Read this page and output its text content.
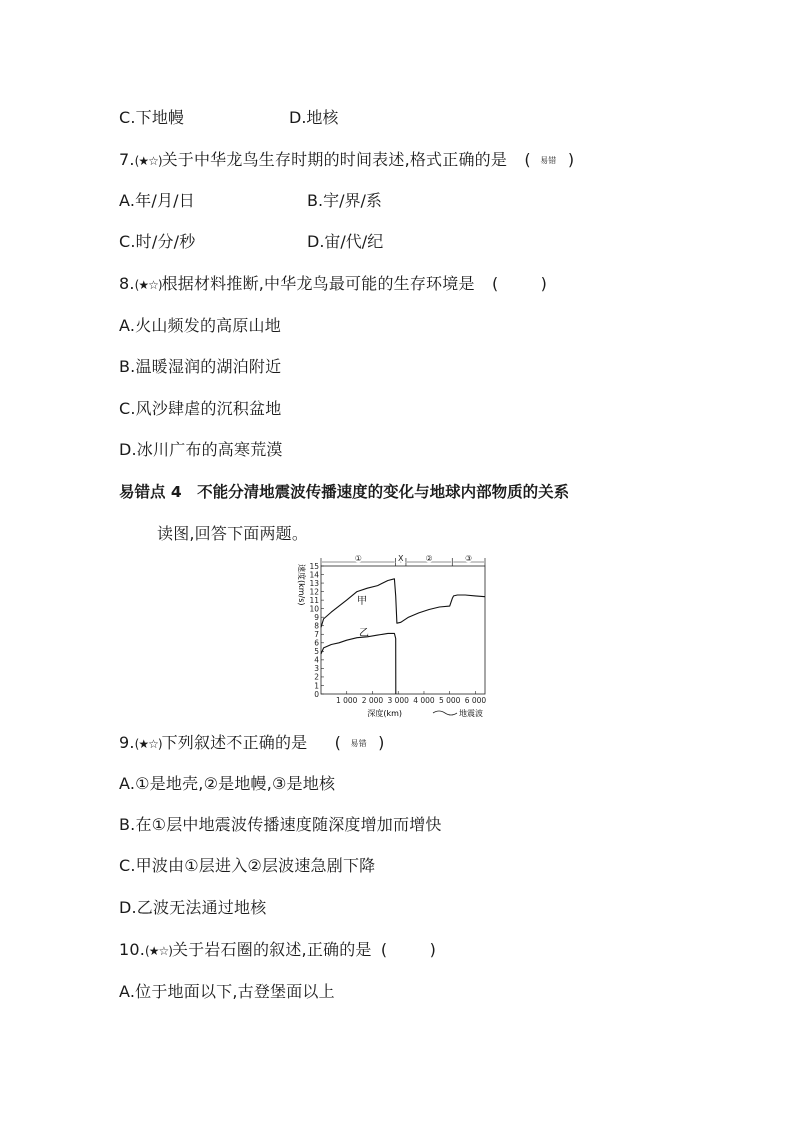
C.下地幔	D.地核
7.(★☆)关于中华龙鸟生存时期的时间表述,格式正确的是 ( 易错 )
A.年/月/日	B.宇/界/系
C.时/分/秒	D.宙/代/纪
8.(★☆)根据材料推断,中华龙鸟最可能的生存环境是 (        )
A.火山频发的高原山地
B.温暖湿润的湖泊附近
C.风沙肆虐的沉积盆地
D.冰川广布的高寒荒漠
易错点 4　不能分清地震波传播速度的变化与地球内部物质的关系
读图,回答下面两题。
①	X	②	③
0
1
2
3
4
5
6
7
8
9
10
11
12
13
14
15
1 000 2 000 3 000 4 000 5 000 6 000
速度(km/s)
深度(km)	地震波
甲
乙
9.(★☆)下列叙述不正确的是 ( 易错 )
A.①是地壳,②是地幔,③是地核
B.在①层中地震波传播速度随深度增加而增快
C.甲波由①层进入②层波速急剧下降
D.乙波无法通过地核
10.(★☆)关于岩石圈的叙述,正确的是 (        )
A.位于地面以下,古登堡面以上
